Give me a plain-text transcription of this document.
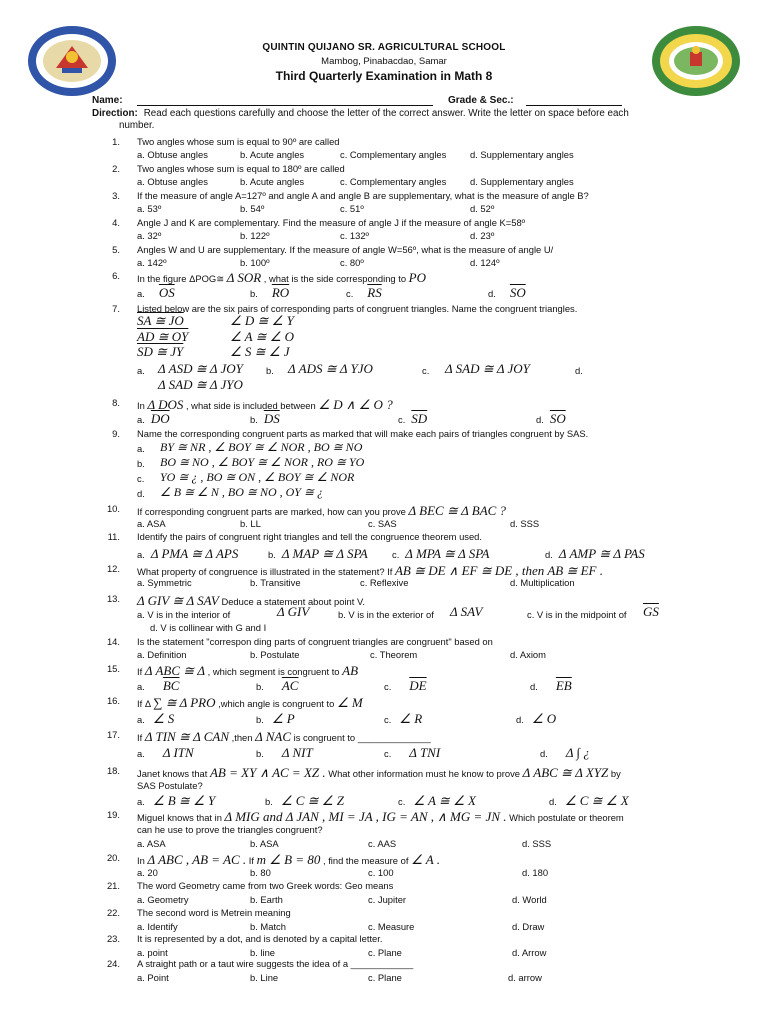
QUINTIN QUIJANO SR. AGRICULTURAL SCHOOL
Mambog, Pinabacdao, Samar
Third Quarterly Examination in Math 8
Name:	Grade & Sec.:
Direction: Read each questions carefully and choose the letter of the correct answer. Write the letter on space before each number.
1. Two angles whose sum is equal to 90º are called
a. Obtuse angles	b. Acute angles	c. Complementary angles	d. Supplementary angles
2. Two angles whose sum is equal to 180º are called
a. Obtuse angles	b. Acute angles	c. Complementary angles	d. Supplementary angles
3. If the measure of angle A=127º and angle A and angle B are supplementary, what is the measure of angle B?
a. 53º	b. 54º	c. 51º	d. 52º
4. Angle J and K are complementary. Find the measure of angle J if the measure of angle K=58º
a. 32º	b. 122º	c. 132º	d. 23º
5. Angles W and U are supplementary. If the measure of angle W=56º, what is the measure of angle U/
a. 142º	b. 100º	c. 80º	d. 124º
6. In the figure ΔPOG≅ Δ SOR , what is the side corresponding to PO
a. $\overline{OS}$	b. $\overline{RO}$	c. $\overline{RS}$	d. $\overline{SO}$
7. Listed below are the six pairs of corresponding parts of congruent triangles. Name the congruent triangles.
SA ≅ JO	∠ D ≅ ∠ Y
AD ≅ OY	∠ A ≅ ∠ O
SD ≅ JY	∠ S ≅ ∠ J
a. Δ ASD ≅ Δ JOY b. Δ ADS ≅ Δ YJO	c. Δ SAD ≅ Δ JOY	d.
Δ SAD ≅ Δ JYO
8. In Δ DOS , what side is included between ∠ D ∧ ∠ O ?
a. $\overline{DO}$	b. $\overline{DS}$	c. $\overline{SD}$	d. $\overline{SO}$
9. Name the corresponding congruent parts as marked that will make each pairs of triangles congruent by SAS.
a. BY ≅ NR , ∠ BOY ≅ ∠ NOR , BO ≅ NO
b. BO ≅ NO , ∠ BOY ≅ ∠ NOR , RO ≅ YO
c. YO ≅ ¿ , BO ≅ ON , ∠ BOY ≅ ∠ NOR
d. ∠ B ≅ ∠ N , BO ≅ NO , OY ≅ ¿
10. If corresponding congruent parts are marked, how can you prove Δ BEC ≅ Δ BAC ?
a. ASA	b. LL	c. SAS	d. SSS
11. Identify the pairs of congruent right triangles and tell the congruence theorem used.
a. Δ PMA ≅ Δ APS	b. Δ MAP ≅ Δ SPA	c. Δ MPA ≅ Δ SPA	d. Δ AMP ≅ Δ PAS
12. What property of congruence is illustrated in the statement? If AB ≅ DE ∧ EF ≅ DE , then AB ≅ EF .
a. Symmetric	b. Transitive	c. Reflexive	d. Multiplication
13. Δ GIV ≅ Δ SAV Deduce a statement about point V.
a. V is in the interior of	Δ GIV	b. V is in the exterior of Δ SAV	c. V is in the midpoint of $\overline{GS}$
d. V is collinear with G and I
14. Is the statement "correspon ding parts of congruent triangles are congruent" based on
a. Definition	b. Postulate	c. Theorem	d. Axiom
15. If Δ ABC ≅ Δ , which segment is congruent to AB
a. $\overline{BC}$	b. $\overline{AC}$	c. $\overline{DE}$	d. $\overline{EB}$
16. If Δ ∑ ≅ Δ PRO ,which angle is congruent to ∠ M
a. ∠ S	b. ∠ P	c. ∠ R	d. ∠ O
17. If Δ TIN ≅ Δ CAN ,then Δ NAC is congruent to ______________
a. Δ ITN	b. Δ NIT	c. Δ TNI	d. Δ ∫ ¿
18. Janet knows that AB = XY ∧ AC = XZ . What other information must he know to prove Δ ABC ≅ Δ XYZ by
SAS Postulate?
a. ∠ B ≅ ∠ Y	b. ∠ C ≅ ∠ Z	c. ∠ A ≅ ∠ X	d. ∠ C ≅ ∠ X
19. Miguel knows that in Δ MIG and Δ JAN , MI = JA , IG = AN , ∧ MG = JN . Which postulate or theorem
can he use to prove the triangles congruent?
a. ASA	b. ASA	c. AAS	d. SSS
20. In Δ ABC , AB = AC . If m ∠ B = 80 , find the measure of ∠ A .
a. 20	b. 80	c. 100	d. 180
21. The word Geometry came from two Greek words: Geo means
a. Geometry	b. Earth	c. Jupiter	d. World
22. The second word is Metrein meaning
a. Identify	b. Match	c. Measure	d. Draw
23. It is represented by a dot, and is denoted by a capital letter.
a. point	b. line	c. Plane	d. Arrow
24. A straight path or a taut wire suggests the idea of a ____________
a. Point	b. Line	c. Plane	d. arrow
